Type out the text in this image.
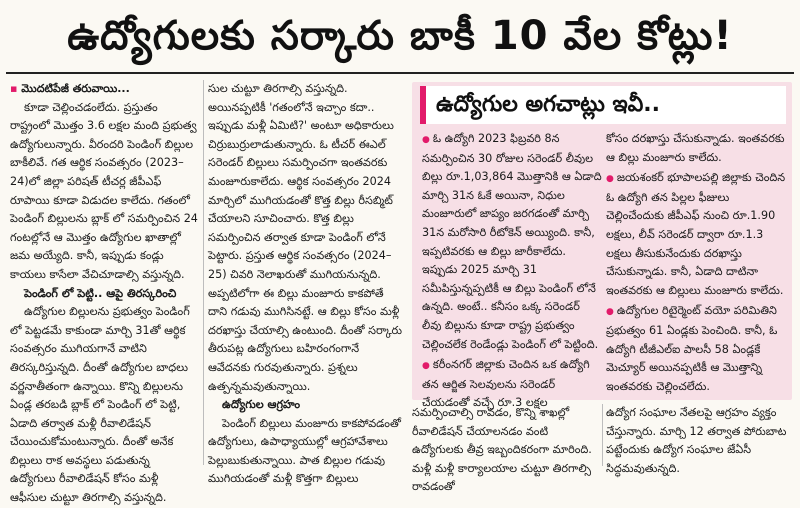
ఉద్యోగులకు సర్కారు బాకీ 10 వేల కోట్లు!

▪ మొదటిపేజీ తరువాయి...

కూడా చెల్లించడంలేదు. ప్రస్తుతం రాష్ట్రంలో మొత్తం 3.6 లక్షల మంది ప్రభుత్వ ఉద్యోగులున్నారు. వీరందరి పెండింగ్ బిల్లుల బాకీలివే. గత ఆర్థిక సంవత్సరం (2023–24)లో జిల్లా పరిషత్ టీచర్ల జీపీఎఫ్ రూపాయి కూడా విడుదల కాలేదు. గతంలో పెండింగ్ బిల్లులను బ్లాక్ లో సమర్పించిన 24 గంటల్లోనే ఆ మొత్తం ఉద్యోగుల ఖాతాల్లో జమ అయ్యేది. కానీ, ఇప్పుడు కండ్లు కాయలు కాసేలా వేచిచూడాల్సి వస్తున్నది.

పెండింగ్ లో పెట్టి.. ఆపై తిరస్కరించి

ఉద్యోగుల బిల్లులను ప్రభుత్వం పెండింగ్ లో పెట్టడమే కాకుండా మార్చి 31తో ఆర్థిక సంవత్సరం ముగియగానే వాటిని తిరస్కరిస్తున్నది. దీంతో ఉద్యోగుల బాధలు వర్ణనాతీతంగా ఉన్నాయి. కొన్ని బిల్లులను ఏండ్ల తరబడి బ్లాక్ లో పెండింగ్ లో పెట్టి, ఏడాది తర్వాత మళ్లీ రీవాలిడేషన్ చేయించుకోమంటున్నారు. దీంతో అనేక బిల్లులు రాక అవస్థలు పడుతున్న ఉద్యోగులు రీవాలిడేషన్ కోసం మళ్లీ ఆఫీసుల చుట్టూ తిరగాల్సి వస్తున్నది.

సుల చుట్టూ తిరగాల్సి వస్తున్నది. అయినప్పటికీ 'గతంలోనే ఇచ్చాం కదా.. ఇప్పుడు మళ్లీ ఏమిటి?' అంటూ అధికారులు చిర్రుబుర్రులాడుతున్నారు. ఓ టీచర్ ఈఎల్ సరెండర్ బిల్లులు సమర్పించగా ఇంతవరకు మంజూరుకాలేదు. ఆర్థిక సంవత్సరం 2024 మార్చిలో ముగియడంతో కొత్త బిల్లు రీసబ్మిట్ చేయాలని సూచించారు. కొత్త బిల్లు సమర్పించిన తర్వాత కూడా పెండింగ్ లోనే పెట్టారు. ప్రస్తుత ఆర్థిక సంవత్సరం (2024–25) చివరి నెలాఖరుతో ముగియనున్నది. అప్పటిలోగా ఈ బిల్లు మంజూరు కాకపోతే దాని గడువు ముగిసినట్టే. ఆ బిల్లు కోసం మళ్లీ దరఖాస్తు చేయాల్సి ఉంటుంది. దీంతో సర్కారు తీరుపట్ల ఉద్యోగులు బహిరంగంగానే ఆవేదనకు గురవుతున్నారు. ప్రశ్నలు ఉత్పన్నమవుతున్నాయి.

ఉద్యోగుల ఆగ్రహం

పెండింగ్ బిల్లులు మంజూరు కాకపోవడంతో ఉద్యోగులు, ఉపాధ్యాయుల్లో ఆగ్రహావేశాలు పెల్లుబుకుతున్నాయి. పాత బిల్లుల గడువు ముగియడంతో మళ్లీ కొత్తగా బిల్లులు

ఉద్యోగుల అగచాట్లు ఇవీ..

● ఓ ఉద్యోగి 2023 ఫిబ్రవరి 8న సమర్పించిన 30 రోజుల సరెండర్ లీవుల బిల్లు రూ.1,03,864 మొత్తానికి ఆ ఏడాది మార్చి 31న ఓకే అయినా, నిధుల మంజూరులో జాప్యం జరగడంతో మార్చి 31న మరోసారి రీటోకెన్ అయ్యింది. కానీ, ఇప్పటివరకు ఆ బిల్లు జారీకాలేదు. ఇప్పుడు 2025 మార్చి 31 సమీపిస్తున్నప్పటికీ ఆ బిల్లు పెండింగ్ లోనే ఉన్నది. అంటే.. కనీసం ఒక్క సరెండర్ లీవు బిల్లును కూడా రాష్ట్ర ప్రభుత్వం చెల్లించలేక రెండేండ్లు పెండింగ్ లో పెట్టింది.

● కరీంనగర్ జిల్లాకు చెందిన ఒక ఉద్యోగి తన ఆర్జిత సెలవులను సరెండర్ చేయడంతో వచ్చే రూ.3 లక్షల

కోసం దరఖాస్తు చేసుకున్నాడు. ఇంతవరకు ఆ బిల్లు మంజూరు కాలేదు.

● జయశంకర్ భూపాలపల్లి జిల్లాకు చెందిన ఓ ఉద్యోగి తన పిల్లల ఫీజులు చెల్లించేందుకు జీపీఎఫ్ నుంచి రూ.1.90 లక్షలు, లీవ్ సరెండర్ ద్వారా రూ.1.3 లక్షలు తీసుకునేందుకు దరఖాస్తు చేసుకున్నాడు. కానీ, ఏడాది దాటినా ఇంతవరకు ఆ బిల్లులు మంజూరు కాలేదు.

● ఉద్యోగుల రిటైర్మెంట్ వయో పరిమితిని ప్రభుత్వం 61 ఏండ్లకు పెంచింది. కానీ, ఓ ఉద్యోగి టీజీఎల్ఐ పాలసీ 58 ఏండ్లకే మెచ్యూర్ అయినప్పటికీ ఆ మొత్తాన్ని ఇంతవరకు చెల్లించలేదు.

సమర్పించాల్సి రావడం, కొన్ని శాఖల్లో రీవాలిడేషన్ చేయాలనడం వంటి ఉద్యోగులకు తీవ్ర ఇబ్బందికరంగా మారింది. మళ్లీ మళ్లీ కార్యాలయాల చుట్టూ తిరగాల్సి రావడంతో

ఉద్యోగ సంఘాల నేతలపై ఆగ్రహం వ్యక్తం చేస్తున్నారు. మార్చి 12 తర్వాత పోరుబాట పట్టేందుకు ఉద్యోగ సంఘాల జేఏసీ సిద్ధమవుతున్నది.
